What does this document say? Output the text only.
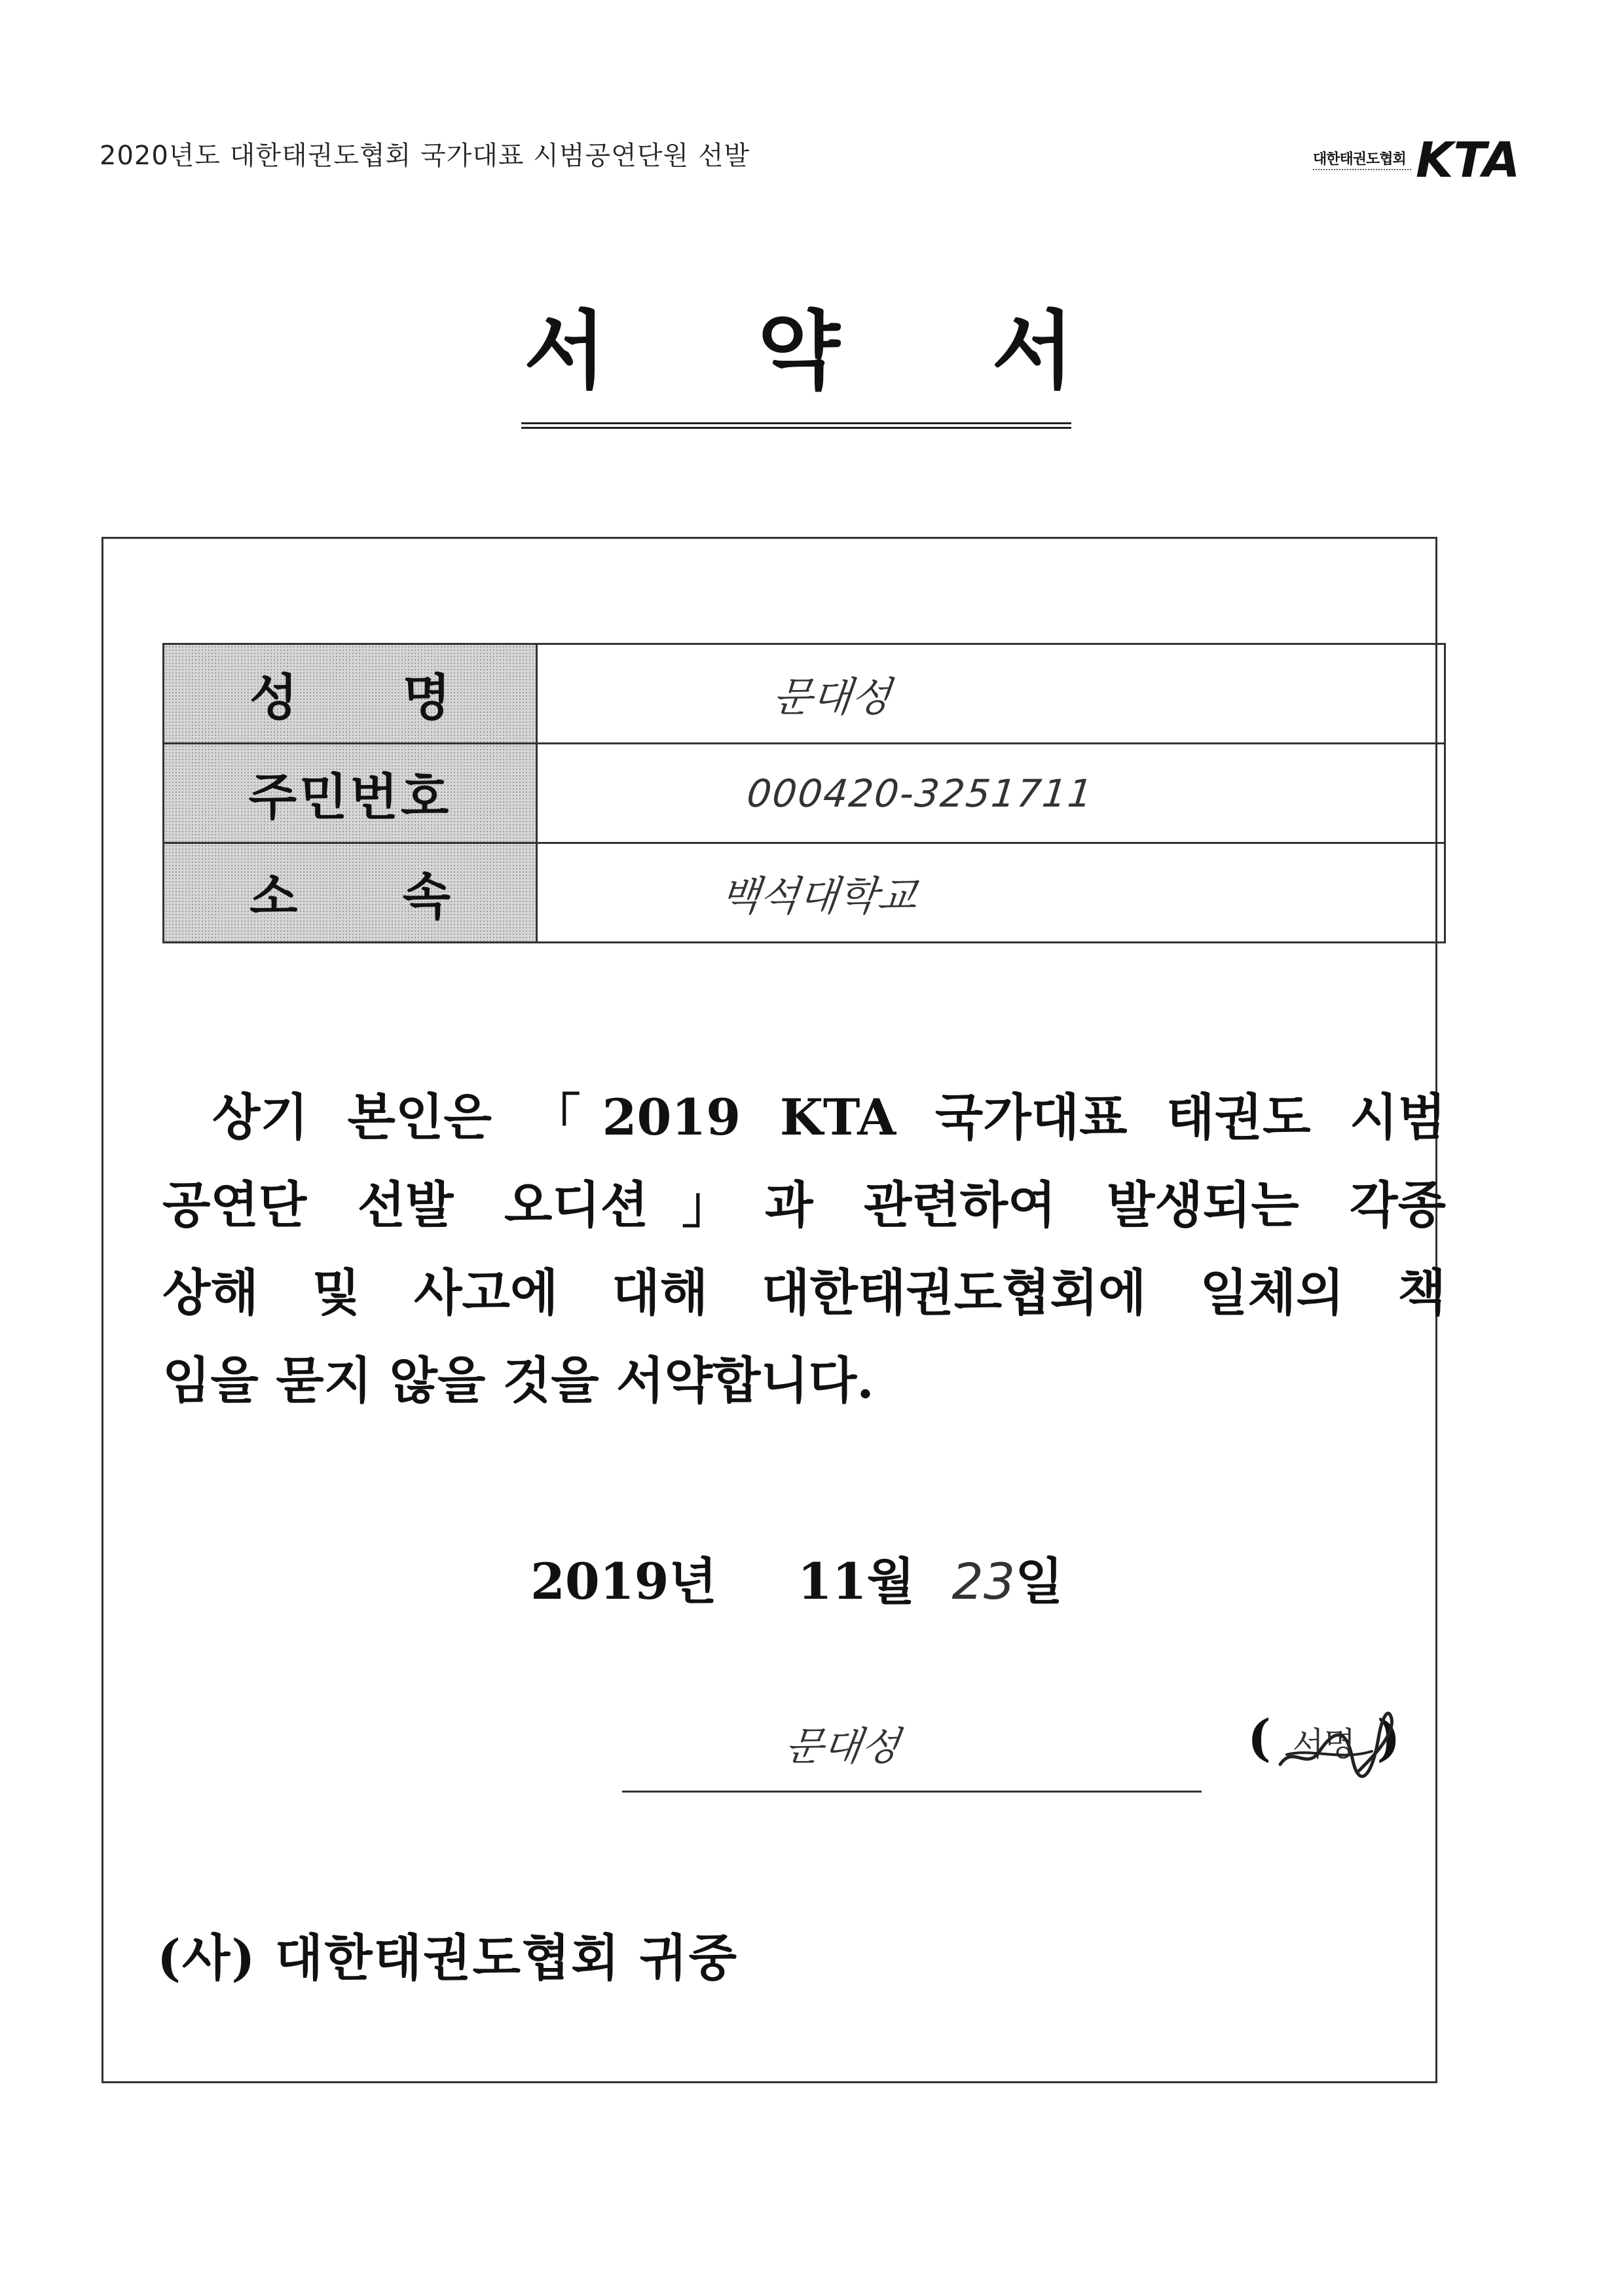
2020년도 대한태권도협회 국가대표 시범공연단원 선발	대한태권도협회 KTA
서 약 서
성 명	문대성

주민번호	000420-3251711

소 속	백석대학교
상기 본인은 「2019 KTA 국가대표 태권도 시범
공연단 선발 오디션」과 관련하여 발생되는 각종
상해 및 사고에 대해 대한태권도협회에 일체의 책
임을 묻지 않을 것을 서약합니다.
2019년 11월 23일
문대성	( 서명 )
(사) 대한태권도협회 귀중
